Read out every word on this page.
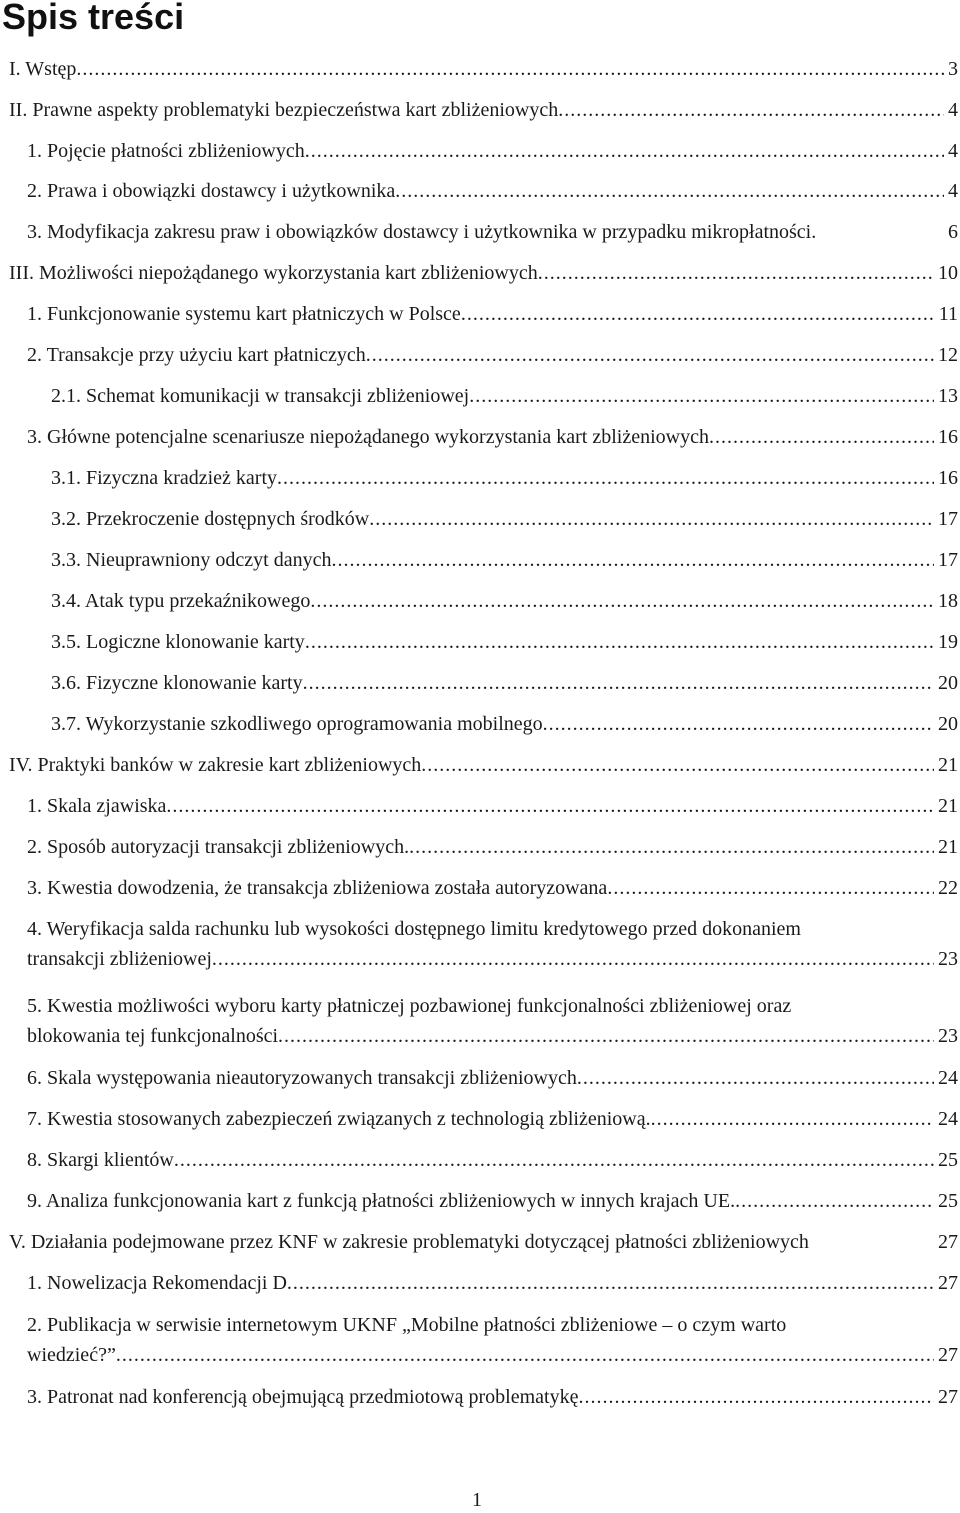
Spis treści
I. Wstęp .....	3
II. Prawne aspekty problematyki bezpieczeństwa kart zbliżeniowych .....	4
1. Pojęcie płatności zbliżeniowych .....	4
2. Prawa i obowiązki dostawcy i użytkownika .....	4
3. Modyfikacja zakresu praw i obowiązków dostawcy i użytkownika w przypadku mikropłatności.	6
III. Możliwości niepożądanego wykorzystania kart zbliżeniowych .....	10
1. Funkcjonowanie systemu kart płatniczych w Polsce .....	11
2. Transakcje przy użyciu kart płatniczych .....	12
2.1. Schemat komunikacji w transakcji zbliżeniowej .....	13
3. Główne potencjalne scenariusze niepożądanego wykorzystania kart zbliżeniowych .....	16
3.1. Fizyczna kradzież karty .....	16
3.2. Przekroczenie dostępnych środków .....	17
3.3. Nieuprawniony odczyt danych .....	17
3.4. Atak typu przekaźnikowego .....	18
3.5. Logiczne klonowanie karty .....	19
3.6. Fizyczne klonowanie karty .....	20
3.7. Wykorzystanie szkodliwego oprogramowania mobilnego .....	20
IV. Praktyki banków w zakresie kart zbliżeniowych .....	21
1. Skala zjawiska .....	21
2. Sposób autoryzacji transakcji zbliżeniowych. .....	21
3. Kwestia dowodzenia, że transakcja zbliżeniowa została autoryzowana .....	22
4. Weryfikacja salda rachunku lub wysokości dostępnego limitu kredytowego przed dokonaniem
transakcji zbliżeniowej .....	23
5. Kwestia możliwości wyboru karty płatniczej pozbawionej funkcjonalności zbliżeniowej oraz
blokowania tej funkcjonalności .....	23
6. Skala występowania nieautoryzowanych transakcji zbliżeniowych .....	24
7. Kwestia stosowanych zabezpieczeń związanych z technologią zbliżeniową. .....	24
8. Skargi klientów .....	25
9. Analiza funkcjonowania kart z funkcją płatności zbliżeniowych w innych krajach UE. .....	25
V. Działania podejmowane przez KNF w zakresie problematyki dotyczącej płatności zbliżeniowych	27
1. Nowelizacja Rekomendacji D .....	27
2. Publikacja w serwisie internetowym UKNF „Mobilne płatności zbliżeniowe – o czym warto
wiedzieć?” .....	27
3. Patronat nad konferencją obejmującą przedmiotową problematykę .....	27
1
